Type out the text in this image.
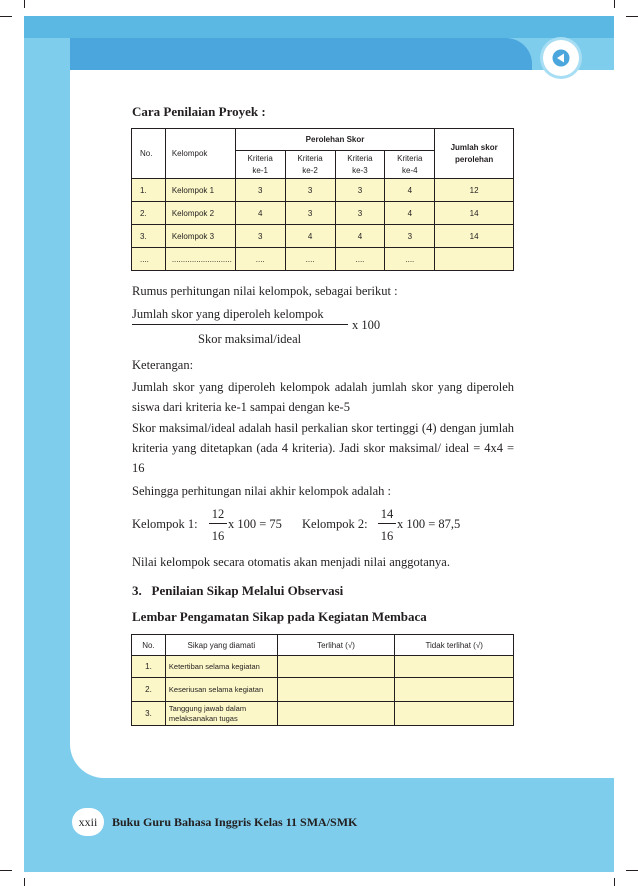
Cara Penilaian Proyek :
No.	Kelompok	Perolehan Skor				Jumlah skor perolehan
		Kriteria ke-1	Kriteria ke-2	Kriteria ke-3	Kriteria ke-4	
1.	Kelompok 1	3	3	3	4	12
2.	Kelompok 2	4	3	3	4	14
3.	Kelompok 3	3	4	4	3	14
....	...........................	....	....	....	....	
Rumus perhitungan nilai kelompok, sebagai berikut :
Jumlah skor yang diperoleh kelompok
x 100
Skor maksimal/ideal
Keterangan:
Jumlah skor yang diperoleh kelompok adalah jumlah skor yang diperoleh siswa dari kriteria ke-1 sampai dengan ke-5
Skor maksimal/ideal adalah hasil perkalian skor tertinggi (4) dengan jumlah kriteria yang ditetapkan (ada 4 kriteria). Jadi skor maksimal/ ideal = 4x4 = 16
Sehingga perhitungan nilai akhir kelompok adalah :
Kelompok 1:
12
16
x 100 = 75	Kelompok 2:
14
16
x 100 = 87,5
Nilai kelompok secara otomatis akan menjadi nilai anggotanya.
3.   Penilaian Sikap Melalui Observasi
Lembar Pengamatan Sikap pada Kegiatan Membaca
No.	Sikap yang diamati	Terlihat (√)	Tidak terlihat (√)
1.	Ketertiban selama kegiatan		
2.	Keseriusan selama kegiatan		
3.	Tanggung jawab dalam melaksanakan tugas		
xxii	Buku Guru Bahasa Inggris Kelas 11 SMA/SMK
